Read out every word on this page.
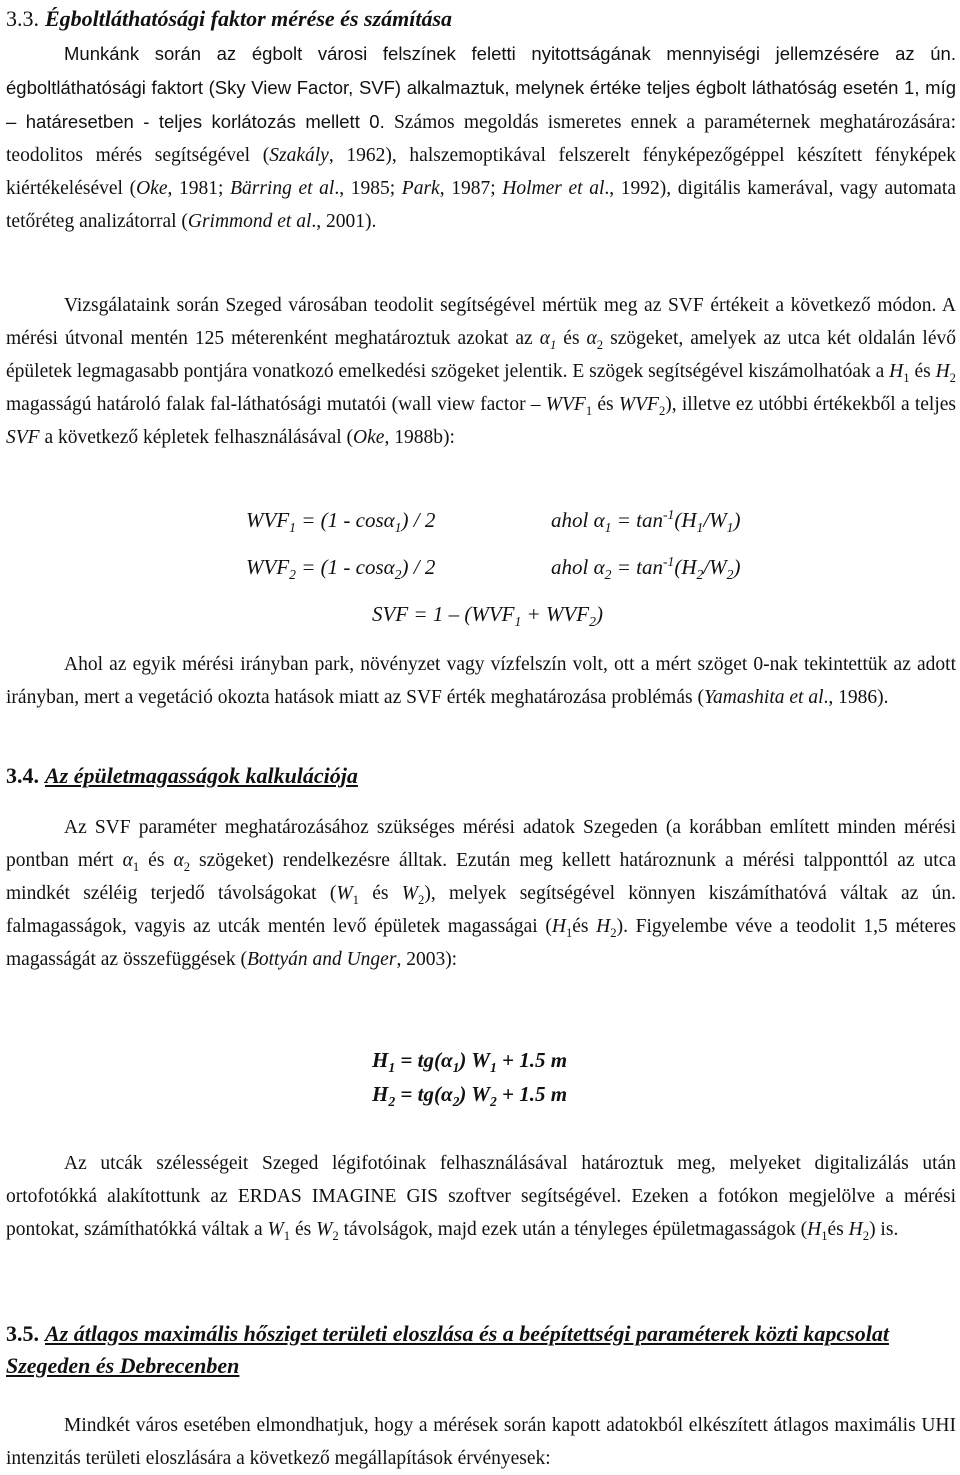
3.3. Égboltláthatósági faktor mérése és számítása

Munkánk során az égbolt városi felszínek feletti nyitottságának mennyiségi jellemzésére az ún. égboltláthatósági faktort (Sky View Factor, SVF) alkalmaztuk, melynek értéke teljes égbolt láthatóság esetén 1, míg – határesetben - teljes korlátozás mellett 0. Számos megoldás ismeretes ennek a paraméternek meghatározására: teodolitos mérés segítségével (Szakály, 1962), halszemoptikával felszerelt fényképezőgéppel készített fényképek kiértékelésével (Oke, 1981; Bärring et al., 1985; Park, 1987; Holmer et al., 1992), digitális kamerával, vagy automata tetőréteg analizátorral (Grimmond et al., 2001).

Vizsgálataink során Szeged városában teodolit segítségével mértük meg az SVF értékeit a következő módon. A mérési útvonal mentén 125 méterenként meghatároztuk azokat az $\alpha_1$ és $\alpha_2$ szögeket, amelyek az utca két oldalán lévő épületek legmagasabb pontjára vonatkozó emelkedési szögeket jelentik. E szögek segítségével kiszámolhatóak a $H_1$ és $H_2$ magasságú határoló falak fal-láthatósági mutatói (wall view factor – $WVF_1$ és $WVF_2$), illetve ez utóbbi értékekből a teljes SVF a következő képletek felhasználásával (Oke, 1988b):

$WVF_1 = (1 - \cos\alpha_1) / 2$	ahol $\alpha_1 = \tan^{-1}(H_1/W_1)$
$WVF_2 = (1 - \cos\alpha_2) / 2$	ahol $\alpha_2 = \tan^{-1}(H_2/W_2)$
SVF = $1 - (WVF_1 + WVF_2)$

Ahol az egyik mérési irányban park, növényzet vagy vízfelszín volt, ott a mért szöget 0-nak tekintettük az adott irányban, mert a vegetáció okozta hatások miatt az SVF érték meghatározása problémás (Yamashita et al., 1986).

3.4. Az épületmagasságok kalkulációja

Az SVF paraméter meghatározásához szükséges mérési adatok Szegeden (a korábban említett minden mérési pontban mért $\alpha_1$ és $\alpha_2$ szögeket) rendelkezésre álltak. Ezután meg kellett határoznunk a mérési talpponttól az utca mindkét széléig terjedő távolságokat ($W_1$ és $W_2$), melyek segítségével könnyen kiszámíthatóvá váltak az ún. falmagasságok, vagyis az utcák mentén levő épületek magasságai ($H_1és$ $H_2$). Figyelembe véve a teodolit 1,5 méteres magasságát az összefüggések (Bottyán and Unger, 2003):

$H_1 = tg(\alpha_1) W_1 + 1.5$ m
$H_2 = tg(\alpha_2) W_2 + 1.5$ m

Az utcák szélességeit Szeged légifotóinak felhasználásával határoztuk meg, melyeket digitalizálás után ortofotókká alakítottunk az ERDAS IMAGINE GIS szoftver segítségével. Ezeken a fotókon megjelölve a mérési pontokat, számíthatókká váltak a $W_1$ és $W_2$ távolságok, majd ezek után a tényleges épületmagasságok ($H_1és$ $H_2$) is.

3.5. Az átlagos maximális hősziget területi eloszlása és a beépítettségi paraméterek közti kapcsolat Szegeden és Debrecenben

Mindkét város esetében elmondhatjuk, hogy a mérések során kapott adatokból elkészített átlagos maximális UHI intenzitás területi eloszlására a következő megállapítások érvényesek:
